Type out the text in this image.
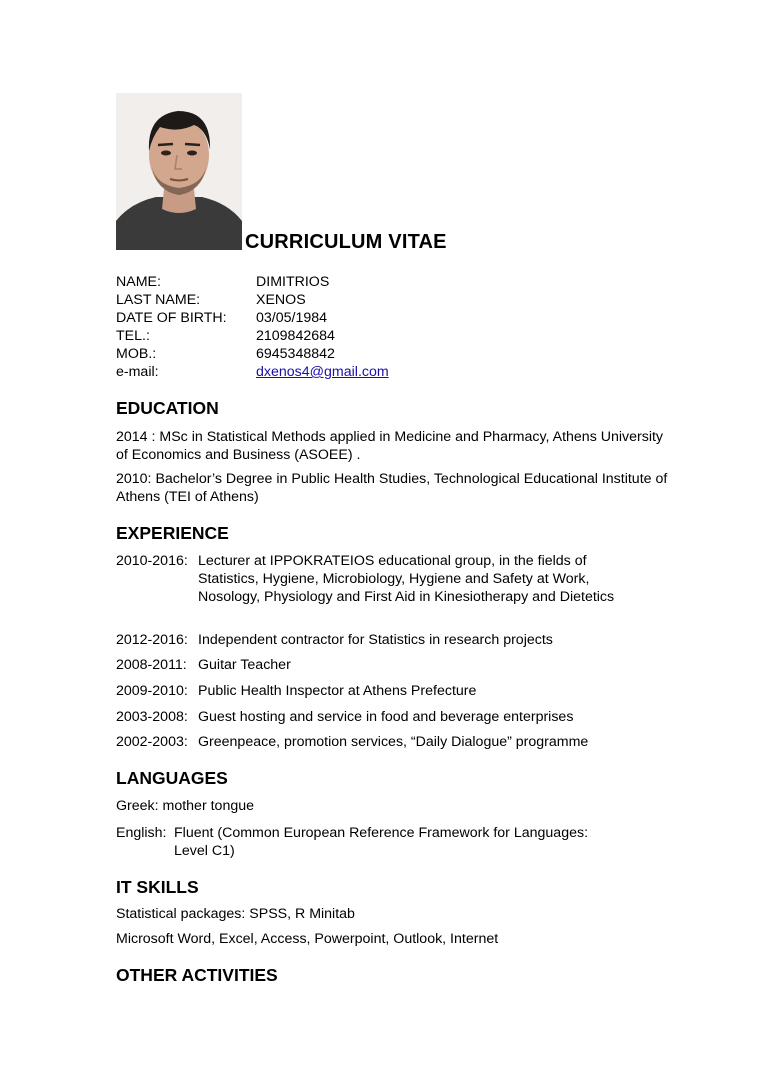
CURRICULUM VITAE
NAME:	DIMITRIOS
LAST NAME:	XENOS
DATE OF BIRTH:	03/05/1984
TEL.:	2109842684
MOB.:	6945348842
e-mail:	dxenos4@gmail.com
EDUCATION
2014 : MSc in Statistical Methods applied in Medicine and Pharmacy, Athens University of Economics and Business (ASOEE) .
2010: Bachelor’s Degree in Public Health Studies, Technological Educational Institute of Athens (TEI of Athens)
EXPERIENCE
2010-2016: Lecturer at IPPOKRATEIOS educational group, in the fields of Statistics, Hygiene, Microbiology, Hygiene and Safety at Work, Nosology, Physiology and First Aid in Kinesiotherapy and Dietetics
2012-2016: Independent contractor for Statistics in research projects
2008-2011: Guitar Teacher
2009-2010: Public Health Inspector at Athens Prefecture
2003-2008: Guest hosting and service in food and beverage enterprises
2002-2003: Greenpeace, promotion services, “Daily Dialogue” programme
LANGUAGES
Greek: mother tongue
English: Fluent (Common European Reference Framework for Languages:
Level C1)
IT SKILLS
Statistical packages: SPSS, R Minitab
Microsoft Word, Excel, Access, Powerpoint, Outlook, Internet
OTHER ACTIVITIES
